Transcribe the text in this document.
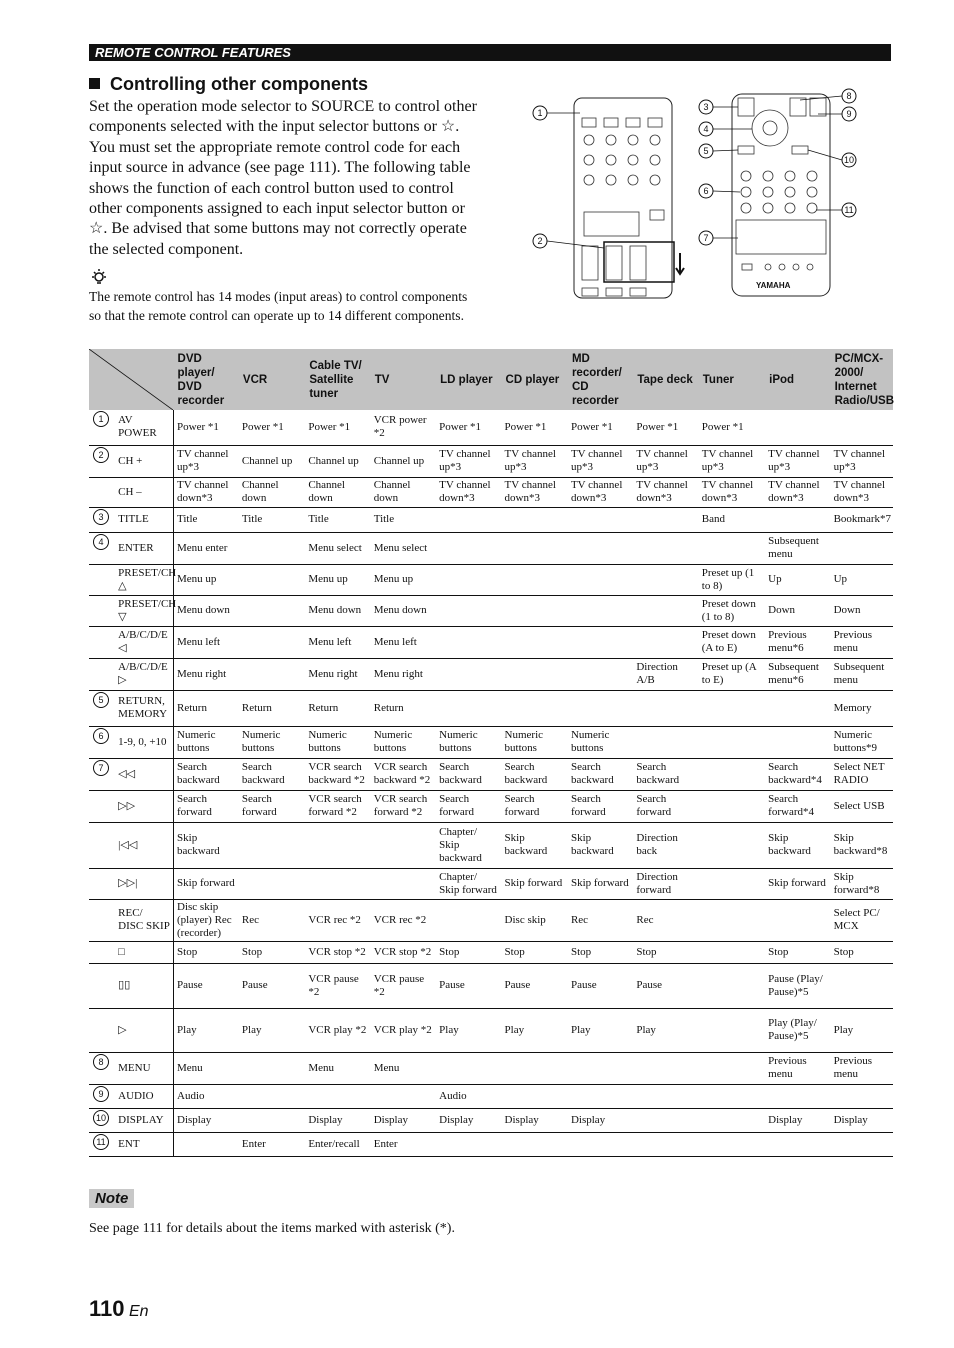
REMOTE CONTROL FEATURES
Controlling other components

Set the operation mode selector to SOURCE to control other components selected with the input selector buttons or ☆. You must set the appropriate remote control code for each input source in advance (see page 111). The following table shows the function of each control button used to control other components assigned to each input selector button or ☆. Be advised that some buttons may not correctly operate the selected component.

The remote control has 14 modes (input areas) to control components so that the remote control can operate up to 14 different components.

YAMAHA
1
2
3
4
5
6
7
8
9
10
11
	DVD player/ DVD recorder	VCR	Cable TV/ Satellite tuner	TV	LD player	CD player	MD recorder/ CD recorder	Tape deck	Tuner	iPod	PC/MCX-2000/ Internet Radio/USB
1	AV POWER	Power *1	Power *1	Power *1	VCR power *2	Power *1	Power *1	Power *1	Power *1	Power *1		
2	CH +	TV channel up*3	Channel up	Channel up	Channel up	TV channel up*3	TV channel up*3	TV channel up*3	TV channel up*3	TV channel up*3	TV channel up*3	TV channel up*3
	CH –	TV channel down*3	Channel down	Channel down	Channel down	TV channel down*3	TV channel down*3	TV channel down*3	TV channel down*3	TV channel down*3	TV channel down*3	TV channel down*3
3	TITLE	Title	Title	Title	Title					Band		Bookmark*7
4	ENTER	Menu enter		Menu select	Menu select						Subsequent menu	
	PRESET/CH △	Menu up		Menu up	Menu up					Preset up (1 to 8)	Up	Up
	PRESET/CH ▽	Menu down		Menu down	Menu down					Preset down (1 to 8)	Down	Down
	A/B/C/D/E ◁	Menu left		Menu left	Menu left					Preset down (A to E)	Previous menu*6	Previous menu
	A/B/C/D/E ▷	Menu right		Menu right	Menu right				Direction A/B	Preset up (A to E)	Subsequent menu*6	Subsequent menu
5	RETURN, MEMORY	Return	Return	Return	Return							Memory
6	1-9, 0, +10	Numeric buttons	Numeric buttons	Numeric buttons	Numeric buttons	Numeric buttons	Numeric buttons	Numeric buttons				Numeric buttons*9
7	◁◁	Search backward	Search backward	VCR search backward *2	VCR search backward *2	Search backward	Search backward	Search backward	Search backward		Search backward*4	Select NET RADIO
	▷▷	Search forward	Search forward	VCR search forward *2	VCR search forward *2	Search forward	Search forward	Search forward	Search forward		Search forward*4	Select USB
	|◁◁	Skip backward				Chapter/ Skip backward	Skip backward	Skip backward	Direction back		Skip backward	Skip backward*8
	▷▷|	Skip forward				Chapter/ Skip forward	Skip forward	Skip forward	Direction forward		Skip forward	Skip forward*8
	REC/ DISC SKIP	Disc skip (player) Rec (recorder)	Rec	VCR rec *2	VCR rec *2		Disc skip	Rec	Rec			Select PC/ MCX
	□	Stop	Stop	VCR stop *2	VCR stop *2	Stop	Stop	Stop	Stop		Stop	Stop
	▯▯	Pause	Pause	VCR pause *2	VCR pause *2	Pause	Pause	Pause	Pause		Pause (Play/ Pause)*5	
	▷	Play	Play	VCR play *2	VCR play *2	Play	Play	Play	Play		Play (Play/ Pause)*5	Play
8	MENU	Menu		Menu	Menu						Previous menu	Previous menu
9	AUDIO	Audio				Audio						
10	DISPLAY	Display		Display	Display	Display	Display	Display			Display	Display
11	ENT		Enter	Enter/recall	Enter							
Note
See page 111 for details about the items marked with asterisk (*).
110 En
